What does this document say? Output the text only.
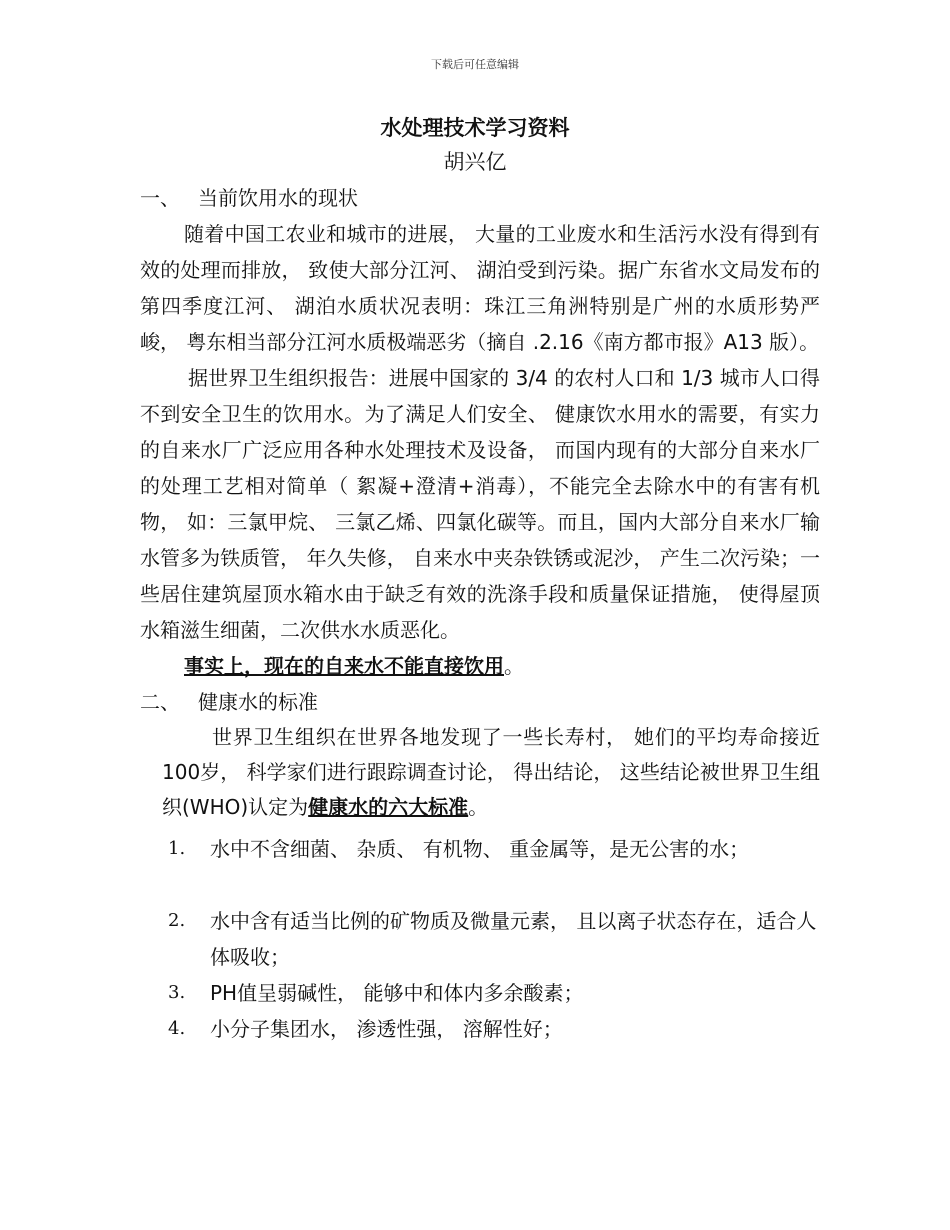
下载后可任意编辑
水处理技术学习资料
胡兴亿
一、 当前饮用水的现状

随着中国工农业和城市的进展， 大量的工业废水和生活污水没有得到有效的处理而排放， 致使大部分江河、 湖泊受到污染。据广东省水文局发布的 第四季度江河、 湖泊水质状况表明：珠江三角洲特别是广州的水质形势严峻， 粤东相当部分江河水质极端恶劣（摘自 .2.16《南方都市报》A13 版）。

据世界卫生组织报告：进展中国家的 3/4 的农村人口和 1/3 城市人口得不到安全卫生的饮用水。为了满足人们安全、 健康饮水用水的需要，有实力的自来水厂广泛应用各种水处理技术及设备， 而国内现有的大部分自来水厂的处理工艺相对简单（ 絮凝+澄清+消毒），不能完全去除水中的有害有机物， 如：三氯甲烷、 三氯乙烯、四氯化碳等。而且，国内大部分自来水厂输水管多为铁质管， 年久失修， 自来水中夹杂铁锈或泥沙， 产生二次污染；一些居住建筑屋顶水箱水由于缺乏有效的洗涤手段和质量保证措施， 使得屋顶水箱滋生细菌，二次供水水质恶化。

事实上，现在的自来水不能直接饮用。
二、 健康水的标准

世界卫生组织在世界各地发现了一些长寿村， 她们的平均寿命接近100岁， 科学家们进行跟踪调查讨论， 得出结论， 这些结论被世界卫生组织(WHO)认定为健康水的六大标准。

1.	水中不含细菌、 杂质、 有机物、 重金属等，是无公害的水；
2.	水中含有适当比例的矿物质及微量元素， 且以离子状态存在，适合人体吸收；
3.	PH值呈弱碱性， 能够中和体内多余酸素；
4.	小分子集团水， 渗透性强， 溶解性好；
